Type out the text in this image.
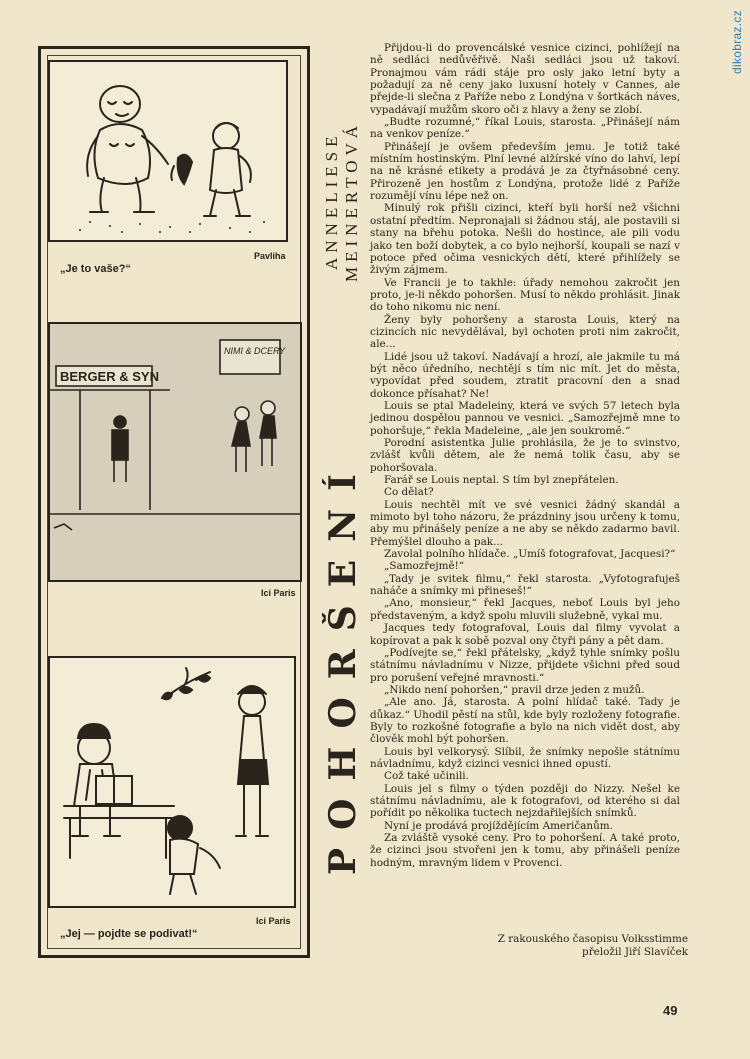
dikobraz.cz
Pavliha
„Je to vaše?“
BERGER & SYN
NIMI & DCERY
Ici Paris
Ici Paris
„Jej — pojdte se podivat!“
ANNELIESE MEINERTOVÁ
POHORŠENÍ

Přijdou-li do provencálské vesnice cizinci, pohlížejí na ně sedláci nedůvěřivě. Naši sedláci jsou už takoví. Pronajmou vám rádi stáje pro osly jako letní byty a požadují za ně ceny jako luxusní hotely v Cannes, ale přejde-li slečna z Paříže nebo z Londýna v šortkách náves, vypadávají mužům skoro oči z hlavy a ženy se zlobí.

„Budte rozumné,“ říkal Louis, starosta. „Přinášejí nám na venkov peníze.“

Přinášejí je ovšem především jemu. Je totiž také místním hostinským. Plní levné alžírské víno do lahví, lepí na ně krásné etikety a prodává je za čtyřnásobné ceny. Přirozeně jen hostům z Londýna, protože lidé z Paříže rozumějí vínu lépe než on.

Minulý rok přišli cizinci, kteří byli horší než všichni ostatní předtím. Nepronajali si žádnou stáj, ale postavili si stany na břehu potoka. Nešli do hostince, ale pili vodu jako ten boží dobytek, a co bylo nejhorší, koupali se nazí v potoce před očima vesnických dětí, které přihlížely se živým zájmem.

Ve Francii je to takhle: úřady nemohou zakročit jen proto, je-li někdo pohoršen. Musí to někdo prohlásit. Jinak do toho nikomu nic není.

Ženy byly pohoršeny a starosta Louis, který na cizincích nic nevydělával, byl ochoten proti nim zakročit, ale...

Lidé jsou už takoví. Nadávají a hrozí, ale jakmile tu má být něco úředního, nechtějí s tím nic mít. Jet do města, vypovídat před soudem, ztratit pracovní den a snad dokonce přísahat? Ne!

Louis se ptal Madeleiny, která ve svých 57 letech byla jedinou dospělou pannou ve vesnici. „Samozřejmě mne to pohoršuje,“ řekla Madeleine, „ale jen soukromě.“

Porodní asistentka Julie prohlásila, že je to svinstvo, zvlášť kvůli dětem, ale že nemá tolik času, aby se pohoršovala.

Farář se Louis neptal. S tím byl znepřátelen.

Co dělat?

Louis nechtěl mít ve své vesnici žádný skandál a mimoto byl toho názoru, že prázdniny jsou určeny k tomu, aby mu přinášely peníze a ne aby se někdo zadarmo bavil. Přemýšlel dlouho a pak...

Zavolal polního hlídače. „Umíš fotografovat, Jacquesi?“

„Samozřejmě!“

„Tady je svitek filmu,“ řekl starosta. „Vyfotografuješ naháče a snímky mi přineseš!“

„Ano, monsieur,“ řekl Jacques, neboť Louis byl jeho představeným, a když spolu mluvili služebně, vykal mu.

Jacques tedy fotografoval, Louis dal filmy vyvolat a kopírovat a pak k sobě pozval ony čtyři pány a pět dam.

„Podívejte se,“ řekl přátelsky, „když tyhle snímky pošlu státnímu návladnímu v Nizze, přijdete všichni před soud pro porušení veřejné mravnosti.“

„Nikdo není pohoršen,“ pravil drze jeden z mužů.

„Ale ano. Já, starosta. A polní hlídač také. Tady je důkaz.“ Uhodil pěstí na stůl, kde byly rozloženy fotografie. Byly to rozkošné fotografie a bylo na nich vidět dost, aby člověk mohl být pohoršen.

Louis byl velkorysý. Slíbil, že snímky nepošle státnímu návladnímu, když cizinci vesnici ihned opustí.

Což také učinili.

Louis jel s filmy o týden později do Nizzy. Nešel ke státnímu návladnímu, ale k fotografovi, od kterého si dal pořídit po několika tuctech nejzdařilejších snímků.

Nyní je prodává projíždějícím Američanům.

Za zvláště vysoké ceny. Pro to pohoršení. A také proto, že cizinci jsou stvořeni jen k tomu, aby přinášeli peníze hodným, mravným lidem v Provenci.

Z rakouského časopisu Volksstimme
přeložil Jiří Slavíček
49
